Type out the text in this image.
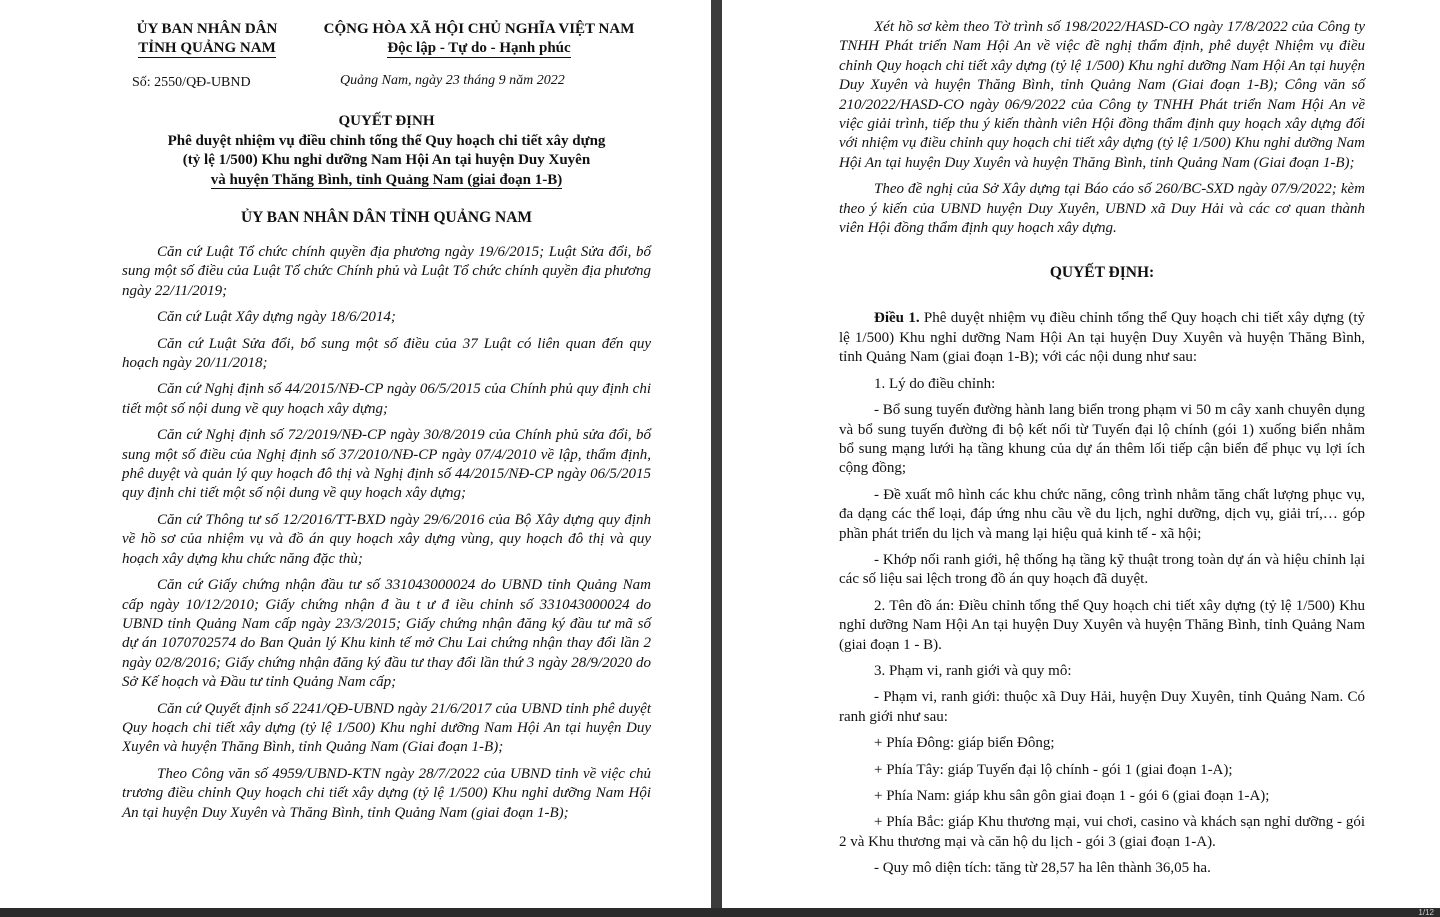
ỦY BAN NHÂN DÂN
TỈNH QUẢNG NAM
CỘNG HÒA XÃ HỘI CHỦ NGHĨA VIỆT NAM
Độc lập - Tự do - Hạnh phúc
Số: 2550/QĐ-UBND	Quảng Nam, ngày 23 tháng 9 năm 2022
QUYẾT ĐỊNH
Phê duyệt nhiệm vụ điều chỉnh tổng thể Quy hoạch chi tiết xây dựng
(tỷ lệ 1/500) Khu nghỉ dưỡng Nam Hội An tại huyện Duy Xuyên
và huyện Thăng Bình, tỉnh Quảng Nam (giai đoạn 1-B)
ỦY BAN NHÂN DÂN TỈNH QUẢNG NAM

Căn cứ Luật Tổ chức chính quyền địa phương ngày 19/6/2015; Luật Sửa đổi, bổ sung một số điều của Luật Tổ chức Chính phủ và Luật Tổ chức chính quyền địa phương ngày 22/11/2019;

Căn cứ Luật Xây dựng ngày 18/6/2014;

Căn cứ Luật Sửa đổi, bổ sung một số điều của 37 Luật có liên quan đến quy hoạch ngày 20/11/2018;

Căn cứ Nghị định số 44/2015/NĐ-CP ngày 06/5/2015 của Chính phủ quy định chi tiết một số nội dung về quy hoạch xây dựng;

Căn cứ Nghị định số 72/2019/NĐ-CP ngày 30/8/2019 của Chính phủ sửa đổi, bổ sung một số điều của Nghị định số 37/2010/NĐ-CP ngày 07/4/2010 về lập, thẩm định, phê duyệt và quản lý quy hoạch đô thị và Nghị định số 44/2015/NĐ-CP ngày 06/5/2015 quy định chi tiết một số nội dung về quy hoạch xây dựng;

Căn cứ Thông tư số 12/2016/TT-BXD ngày 29/6/2016 của Bộ Xây dựng quy định về hồ sơ của nhiệm vụ và đồ án quy hoạch xây dựng vùng, quy hoạch đô thị và quy hoạch xây dựng khu chức năng đặc thù;

Căn cứ Giấy chứng nhận đầu tư số 331043000024 do UBND tỉnh Quảng Nam cấp ngày 10/12/2010; Giấy chứng nhận đ ầu t ư đ iều chỉnh số 331043000024 do UBND tỉnh Quảng Nam cấp ngày 23/3/2015; Giấy chứng nhận đăng ký đầu tư mã số dự án 1070702574 do Ban Quản lý Khu kinh tế mở Chu Lai chứng nhận thay đổi lần 2 ngày 02/8/2016; Giấy chứng nhận đăng ký đầu tư thay đổi lần thứ 3 ngày 28/9/2020 do Sở Kế hoạch và Đầu tư tỉnh Quảng Nam cấp;

Căn cứ Quyết định số 2241/QĐ-UBND ngày 21/6/2017 của UBND tỉnh phê duyệt Quy hoạch chi tiết xây dựng (tỷ lệ 1/500) Khu nghỉ dưỡng Nam Hội An tại huyện Duy Xuyên và huyện Thăng Bình, tỉnh Quảng Nam (Giai đoạn 1-B);

Theo Công văn số 4959/UBND-KTN ngày 28/7/2022 của UBND tỉnh về việc chủ trương điều chỉnh Quy hoạch chi tiết xây dựng (tỷ lệ 1/500) Khu nghỉ dưỡng Nam Hội An tại huyện Duy Xuyên và Thăng Bình, tỉnh Quảng Nam (giai đoạn 1-B);

Xét hồ sơ kèm theo Tờ trình số 198/2022/HASD-CO ngày 17/8/2022 của Công ty TNHH Phát triển Nam Hội An về việc đề nghị thẩm định, phê duyệt Nhiệm vụ điều chỉnh Quy hoạch chi tiết xây dựng (tỷ lệ 1/500) Khu nghỉ dưỡng Nam Hội An tại huyện Duy Xuyên và huyện Thăng Bình, tỉnh Quảng Nam (Giai đoạn 1-B); Công văn số 210/2022/HASD-CO ngày 06/9/2022 của Công ty TNHH Phát triển Nam Hội An về việc giải trình, tiếp thu ý kiến thành viên Hội đồng thẩm định quy hoạch xây dựng đối với nhiệm vụ điều chỉnh quy hoạch chi tiết xây dựng (tỷ lệ 1/500) Khu nghỉ dưỡng Nam Hội An tại huyện Duy Xuyên và huyện Thăng Bình, tỉnh Quảng Nam (Giai đoạn 1-B);

Theo đề nghị của Sở Xây dựng tại Báo cáo số 260/BC-SXD ngày 07/9/2022; kèm theo ý kiến của UBND huyện Duy Xuyên, UBND xã Duy Hải và các cơ quan thành viên Hội đồng thẩm định quy hoạch xây dựng.

QUYẾT ĐỊNH:

Điều 1. Phê duyệt nhiệm vụ điều chỉnh tổng thể Quy hoạch chi tiết xây dựng (tỷ lệ 1/500) Khu nghỉ dưỡng Nam Hội An tại huyện Duy Xuyên và huyện Thăng Bình, tỉnh Quảng Nam (giai đoạn 1-B); với các nội dung như sau:

1. Lý do điều chỉnh:

- Bổ sung tuyến đường hành lang biển trong phạm vi 50 m cây xanh chuyên dụng và bổ sung tuyến đường đi bộ kết nối từ Tuyến đại lộ chính (gói 1) xuống biển nhằm bổ sung mạng lưới hạ tầng khung của dự án thêm lối tiếp cận biển để phục vụ lợi ích cộng đồng;

- Đề xuất mô hình các khu chức năng, công trình nhằm tăng chất lượng phục vụ, đa dạng các thể loại, đáp ứng nhu cầu về du lịch, nghỉ dưỡng, dịch vụ, giải trí,… góp phần phát triển du lịch và mang lại hiệu quả kinh tế - xã hội;

- Khớp nối ranh giới, hệ thống hạ tầng kỹ thuật trong toàn dự án và hiệu chỉnh lại các số liệu sai lệch trong đồ án quy hoạch đã duyệt.

2. Tên đồ án: Điều chỉnh tổng thể Quy hoạch chi tiết xây dựng (tỷ lệ 1/500) Khu nghỉ dưỡng Nam Hội An tại huyện Duy Xuyên và huyện Thăng Bình, tỉnh Quảng Nam (giai đoạn 1 - B).

3. Phạm vi, ranh giới và quy mô:

- Phạm vi, ranh giới: thuộc xã Duy Hải, huyện Duy Xuyên, tỉnh Quảng Nam. Có ranh giới như sau:

+ Phía Đông: giáp biển Đông;

+ Phía Tây: giáp Tuyến đại lộ chính - gói 1 (giai đoạn 1-A);

+ Phía Nam: giáp khu sân gôn giai đoạn 1 - gói 6 (giai đoạn 1-A);

+ Phía Bắc: giáp Khu thương mại, vui chơi, casino và khách sạn nghỉ dưỡng - gói 2 và Khu thương mại và căn hộ du lịch - gói 3 (giai đoạn 1-A).

- Quy mô diện tích: tăng từ 28,57 ha lên thành 36,05 ha.

1/12
